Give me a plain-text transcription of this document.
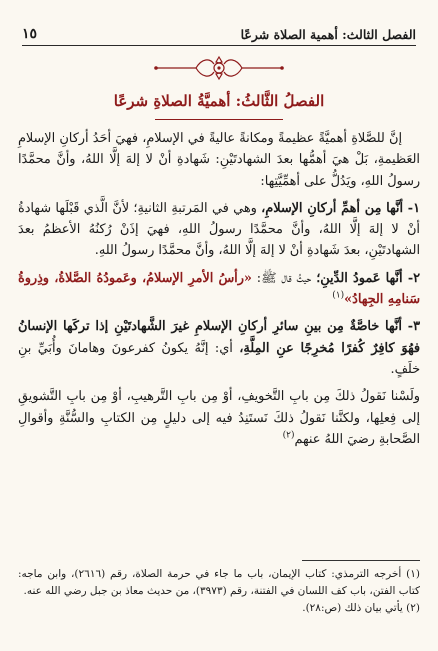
الفصل الثالث: أهمية الصلاة شرعًا
١٥
الفصلُ الثَّالثُ: أهميَّةُ الصلاةِ شرعًا

إنَّ للصَّلاةِ أهميَّةً عظيمةً ومكانةً عاليةً في الإسلامِ، فهيَ أحَدُ أركانِ الإسلامِ العَظيمةِ، بَلْ هيَ أهمُّها بعدَ الشهادتَيْنِ: شَهادةِ أنْ لا إلهَ إلَّا اللهُ، وأنَّ محمَّدًا رسولُ اللهِ، ويَدُلُّ على أهمِّيَّتِها:

١- أنَّها مِن أهمِّ أركانِ الإسلامِ، وهي في المَرتبةِ الثانيةِ؛ لأنَّ الَّذي قَبْلَها شهادةُ أنْ لا إلهَ إلَّا اللهُ، وأنَّ محمَّدًا رسولُ اللهِ، فهيَ إذَنْ رُكنُهُ الأعظمُ بعدَ الشهادتَيْنِ، بعدَ شَهادةِ أنْ لا إلهَ إلَّا اللهُ، وأنَّ محمَّدًا رسولُ اللهِ.

٢- أنَّها عَمودُ الدِّينِ؛ حيثُ قال ﷺ: «رأسُ الأمرِ الإسلامُ، وعَمودُهُ الصَّلاةُ، وذِروةُ سَنامِهِ الجِهادُ»$^{(١)}$

٣- أنَّها خاصَّةٌ مِن بينِ سائرِ أركانِ الإسلامِ غيرَ الشَّهادتَيْنِ إذا تركَها الإنسانُ فهُوَ كافِرٌ كُفرًا مُخرِجًا عنِ المِلَّةِ، أي: إنَّهُ يكونُ كفرعونَ وهامانَ وأُبَيِّ بنِ خلَفٍ.

ولَسْنا نَقولُ ذلكَ مِن بابِ التَّخويفِ، أوْ مِن بابِ التَّرهيبِ، أوْ مِن بابِ التَّشويقِ إلى فِعلِها، ولكنَّنا نَقولُ ذلكَ نَستَنِدُ فيه إلى دليلٍ مِن الكتابِ والسُّنَّةِ وأقوالِ الصَّحابةِ رضيَ اللهُ عنهم$^{(٢)}$

(١) أخرجه الترمذي: كتاب الإيمان، باب ما جاء في حرمة الصلاة، رقم (٢٦١٦)، وابن ماجه: كتاب الفتن، باب كف اللسان في الفتنة، رقم (٣٩٧٣)، من حديث معاذ بن جبل رضي الله عنه.

(٢) يأتي بيان ذلك (ص:٢٨).
